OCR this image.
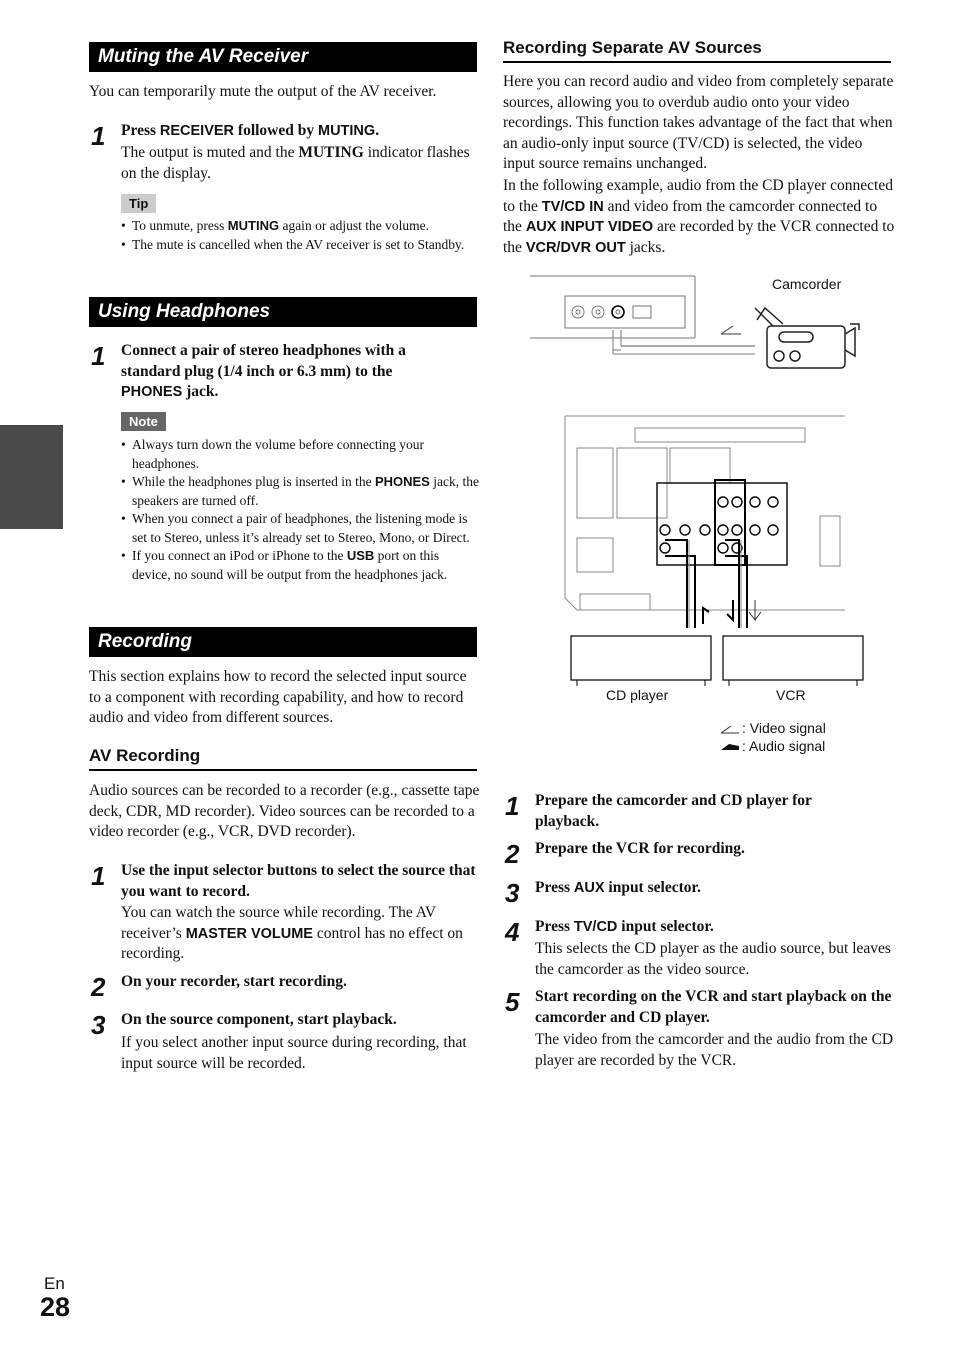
Muting the AV Receiver

You can temporarily mute the output of the AV receiver.

1 Press RECEIVER followed by MUTING.
The output is muted and the MUTING indicator flashes on the display.
Tip
• To unmute, press MUTING again or adjust the volume.
• The mute is cancelled when the AV receiver is set to Standby.
Using Headphones
1 Connect a pair of stereo headphones with a standard plug (1/4 inch or 6.3 mm) to the PHONES jack.
Note
• Always turn down the volume before connecting your headphones.
• While the headphones plug is inserted in the PHONES jack, the speakers are turned off.
• When you connect a pair of headphones, the listening mode is set to Stereo, unless it’s already set to Stereo, Mono, or Direct.
• If you connect an iPod or iPhone to the USB port on this device, no sound will be output from the headphones jack.
Recording

This section explains how to record the selected input source to a component with recording capability, and how to record audio and video from different sources.

AV Recording

Audio sources can be recorded to a recorder (e.g., cassette tape deck, CDR, MD recorder). Video sources can be recorded to a video recorder (e.g., VCR, DVD recorder).

1 Use the input selector buttons to select the source that you want to record.
You can watch the source while recording. The AV receiver’s MASTER VOLUME control has no effect on recording.
2 On your recorder, start recording.
3 On the source component, start playback.
If you select another input source during recording, that input source will be recorded.
Recording Separate AV Sources

Here you can record audio and video from completely separate sources, allowing you to overdub audio onto your video recordings. This function takes advantage of the fact that when an audio-only input source (TV/CD) is selected, the video input source remains unchanged.

In the following example, audio from the CD player connected to the TV/CD IN and video from the camcorder connected to the AUX INPUT VIDEO are recorded by the VCR connected to the VCR/DVR OUT jacks.

Camcorder
CD player	VCR
: Video signal
: Audio signal
1 Prepare the camcorder and CD player for playback.
2 Prepare the VCR for recording.
3 Press AUX input selector.
4 Press TV/CD input selector.
This selects the CD player as the audio source, but leaves the camcorder as the video source.
5 Start recording on the VCR and start playback on the camcorder and CD player.
The video from the camcorder and the audio from the CD player are recorded by the VCR.
En
28
